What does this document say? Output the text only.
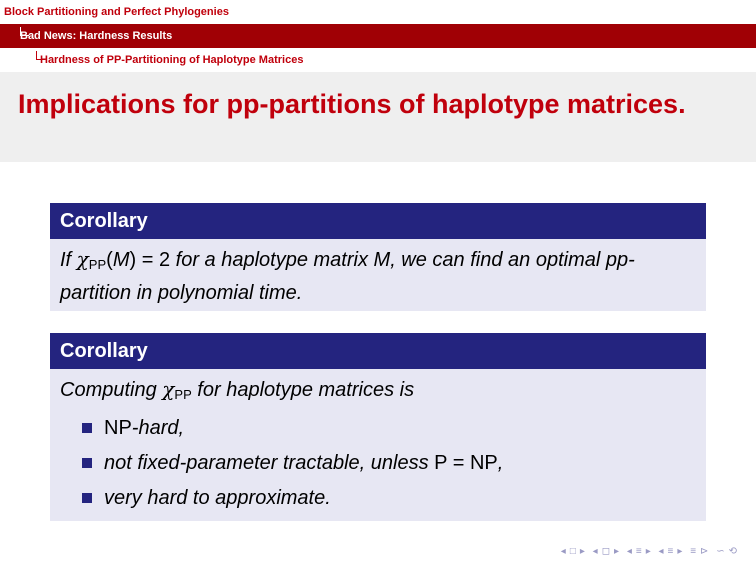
Block Partitioning and Perfect Phylogenies
Bad News: Hardness Results
Hardness of PP-Partitioning of Haplotype Matrices
Implications for pp-partitions of haplotype matrices.
Corollary
If $\chi_{PP}(M) = 2$ for a haplotype matrix M, we can find an optimal pp-partition in polynomial time.
Corollary
Computing $\chi_{PP}$ for haplotype matrices is
NP-hard,
not fixed-parameter tractable, unless P = NP,
very hard to approximate.
◂ □ ▸ ◂ ◻ ▸ ◂ ≡ ▸ ◂ ≡ ▸ ≡ ⊳ ∽ ⟲
